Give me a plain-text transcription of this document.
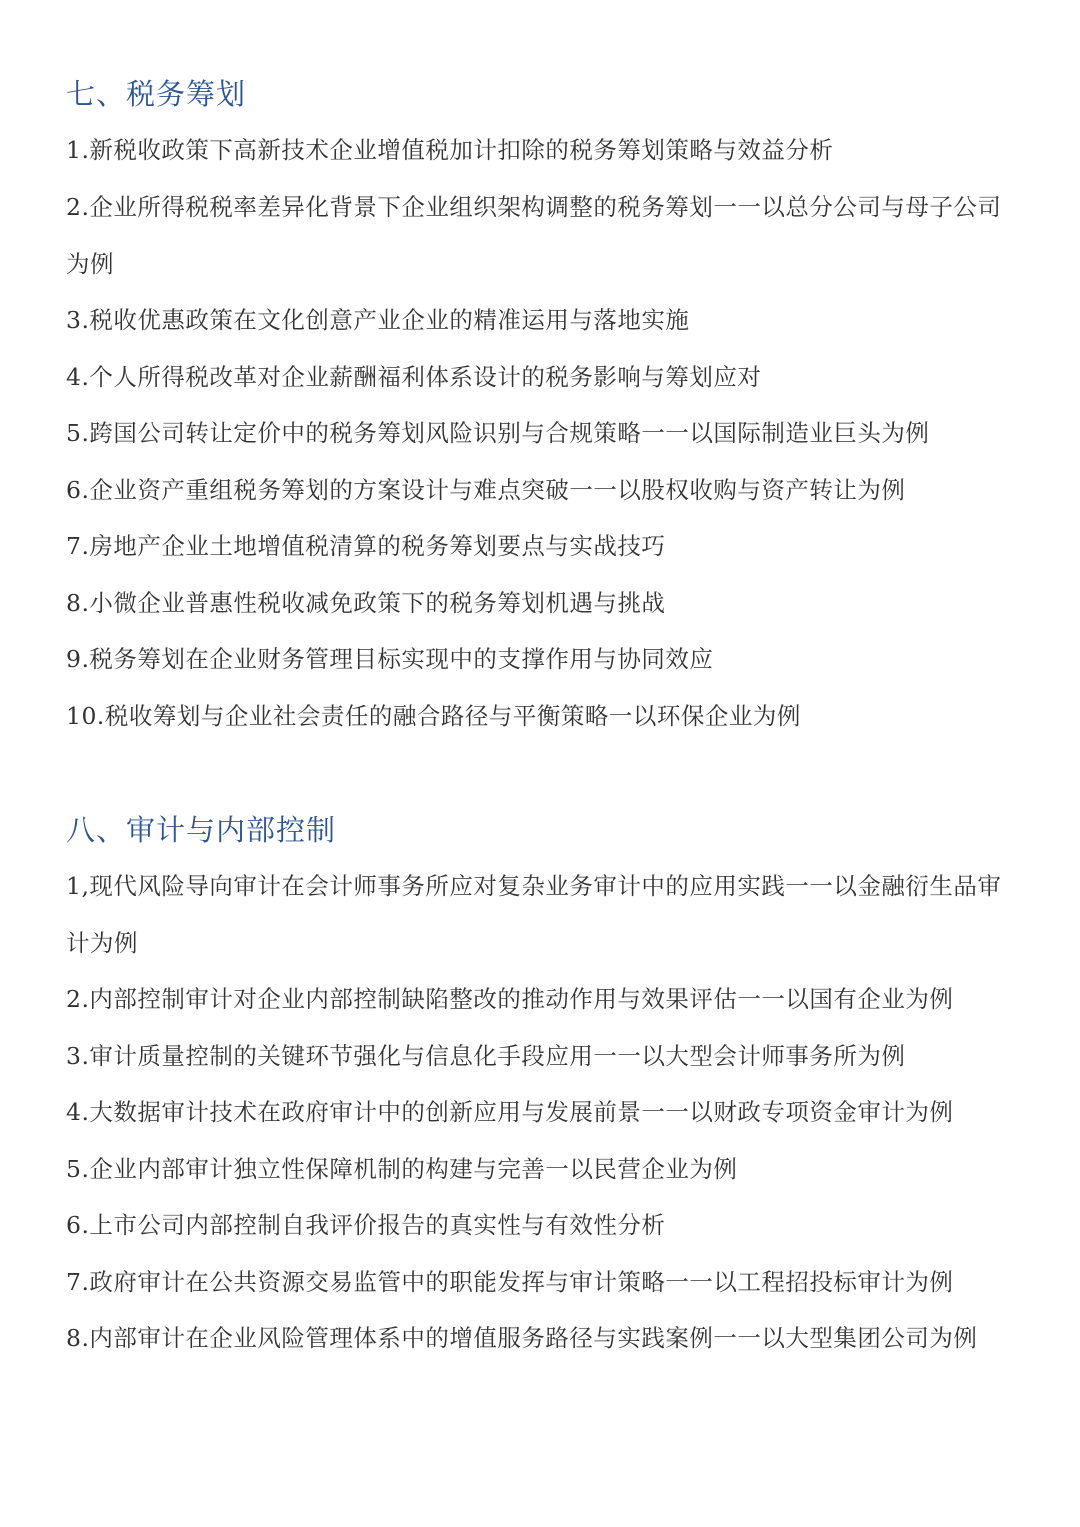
七、税务筹划

1.新税收政策下高新技术企业增值税加计扣除的税务筹划策略与效益分析

2.企业所得税税率差异化背景下企业组织架构调整的税务筹划一一以总分公司与母子公司为例

3.税收优惠政策在文化创意产业企业的精准运用与落地实施

4.个人所得税改革对企业薪酬福利体系设计的税务影响与筹划应对

5.跨国公司转让定价中的税务筹划风险识别与合规策略一一以国际制造业巨头为例

6.企业资产重组税务筹划的方案设计与难点突破一一以股权收购与资产转让为例

7.房地产企业土地增值税清算的税务筹划要点与实战技巧

8.小微企业普惠性税收减免政策下的税务筹划机遇与挑战

9.税务筹划在企业财务管理目标实现中的支撑作用与协同效应

10.税收筹划与企业社会责任的融合路径与平衡策略一以环保企业为例

八、审计与内部控制

1,现代风险导向审计在会计师事务所应对复杂业务审计中的应用实践一一以金融衍生品审计为例

2.内部控制审计对企业内部控制缺陷整改的推动作用与效果评估一一以国有企业为例

3.审计质量控制的关键环节强化与信息化手段应用一一以大型会计师事务所为例

4.大数据审计技术在政府审计中的创新应用与发展前景一一以财政专项资金审计为例

5.企业内部审计独立性保障机制的构建与完善一以民营企业为例

6.上市公司内部控制自我评价报告的真实性与有效性分析

7.政府审计在公共资源交易监管中的职能发挥与审计策略一一以工程招投标审计为例

8.内部审计在企业风险管理体系中的增值服务路径与实践案例一一以大型集团公司为例
